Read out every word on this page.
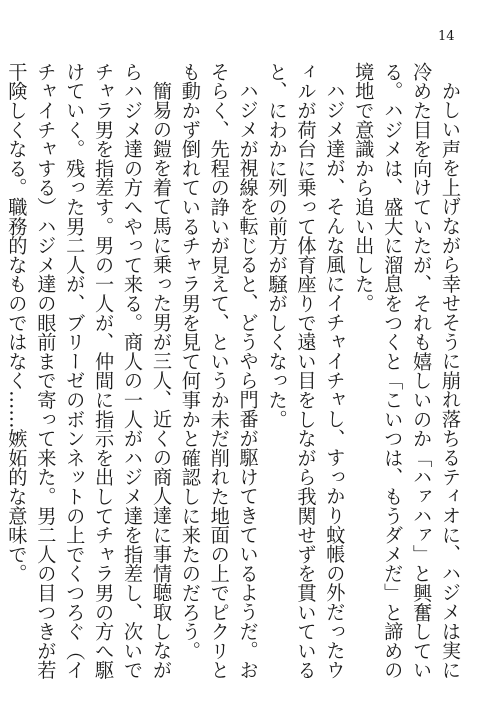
14

かしい声を上げながら幸せそうに崩れ落ちるティオに、ハジメは実に冷めた目を向けていたが、それも嬉しいのか「ハァハァ」と興奮している。ハジメは、盛大に溜息をつくと「こいつは、もうダメだ」と諦めの境地で意識から追い出した。

ハジメ達が、そんな風にイチャイチャし、すっかり蚊帳の外だったウィルが荷台に乗って体育座りで遠い目をしながら我関せずを貫いていると、にわかに列の前方が騒がしくなった。

ハジメが視線を転じると、どうやら門番が駆けてきているようだ。おそらく、先程の諍いが見えて、というか未だ削れた地面の上でピクリとも動かず倒れているチャラ男を見て何事かと確認しに来たのだろう。

簡易の鎧を着て馬に乗った男が三人、近くの商人達に事情聴取しながらハジメ達の方へやって来る。商人の一人がハジメ達を指差し、次いでチャラ男を指差す。男の一人が、仲間に指示を出してチャラ男の方へ駆けていく。残った男二人が、ブリーゼのボンネットの上でくつろぐ（イチャイチャする）ハジメ達の眼前まで寄って来た。男二人の目つきが若干険しくなる。職務的なものではなく……嫉妬的な意味で。
